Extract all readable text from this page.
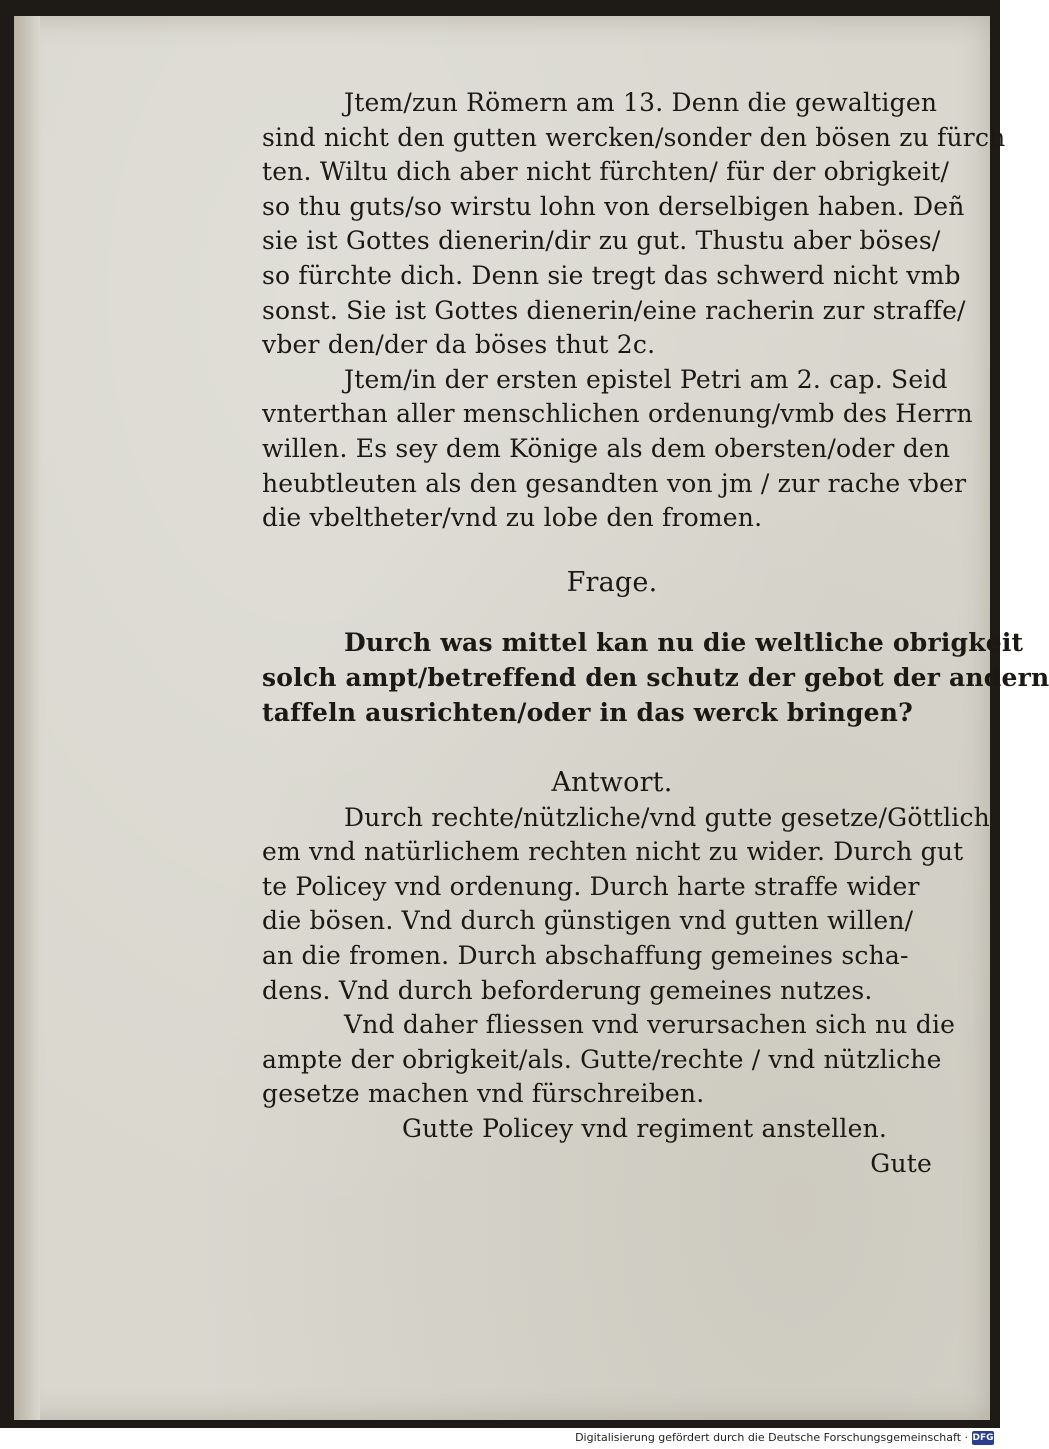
Jtem/zun Römern am 13. Denn die gewaltigen
sind nicht den gutten wercken/sonder den bösen zu fürch
ten. Wiltu dich aber nicht fürchten/ für der obrigkeit/
so thu guts/so wirstu lohn von derselbigen haben. Deñ
sie ist Gottes dienerin/dir zu gut. Thustu aber böses/
so fürchte dich. Denn sie tregt das schwerd nicht vmb
sonst. Sie ist Gottes dienerin/eine racherin zur straffe/
vber den/der da böses thut 2c.
Jtem/in der ersten epistel Petri am 2. cap. Seid
vnterthan aller menschlichen ordenung/vmb des Herrn
willen. Es sey dem Könige als dem obersten/oder den
heubtleuten als den gesandten von jm / zur rache vber
die vbeltheter/vnd zu lobe den fromen.
Frage.
Durch was mittel kan nu die weltliche obrigkeit
solch ampt/betreffend den schutz der gebot der andern
taffeln ausrichten/oder in das werck bringen?
Antwort.
Durch rechte/nützliche/vnd gutte gesetze/Göttlich
em vnd natürlichem rechten nicht zu wider. Durch gut
te Policey vnd ordenung. Durch harte straffe wider
die bösen. Vnd durch günstigen vnd gutten willen/
an die fromen. Durch abschaffung gemeines scha-
dens. Vnd durch beforderung gemeines nutzes.
Vnd daher fliessen vnd verursachen sich nu die
ampte der obrigkeit/als. Gutte/rechte / vnd nützliche
gesetze machen vnd fürschreiben.
Gutte Policey vnd regiment anstellen.
Gute
Digitalisierung gefördert durch die Deutsche Forschungsgemeinschaft · DFG
